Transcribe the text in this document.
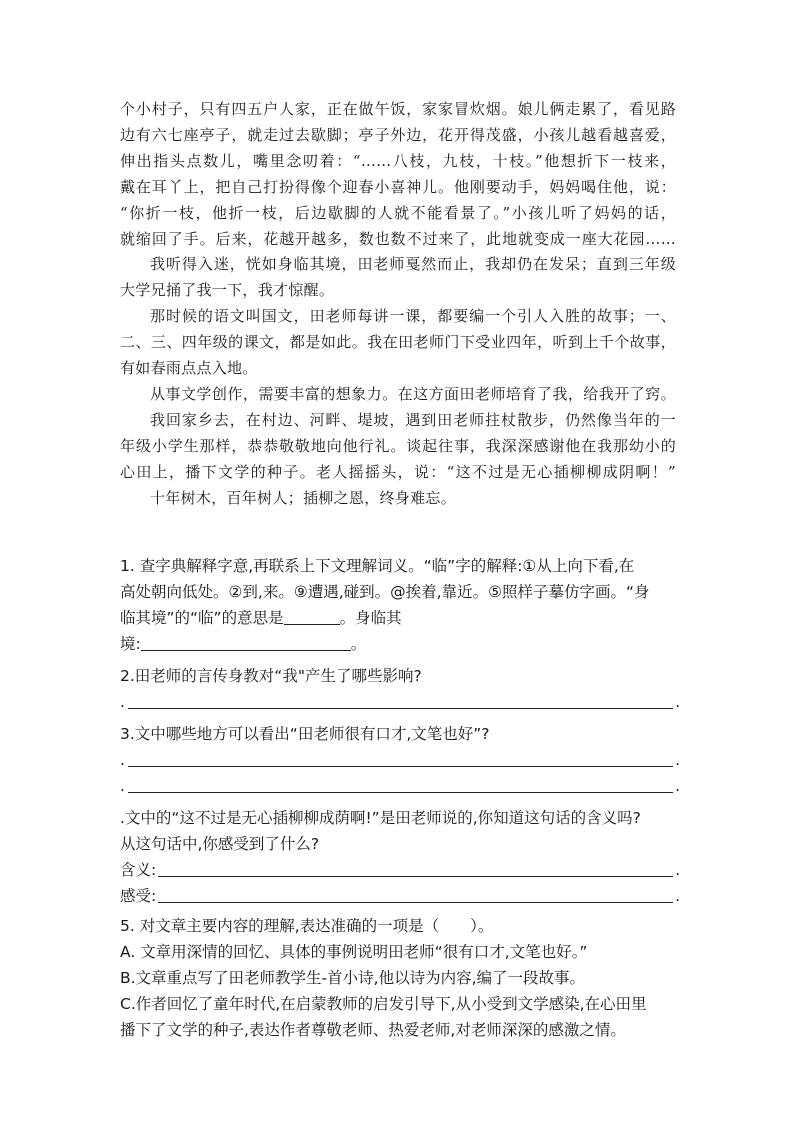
个小村子，只有四五户人家，正在做午饭，家家冒炊烟。娘儿俩走累了，看见路

边有六七座亭子，就走过去歇脚；亭子外边，花开得茂盛，小孩儿越看越喜爱，

伸出指头点数儿，嘴里念叨着：“……八枝，九枝，十枝。”他想折下一枝来，

戴在耳丫上，把自己打扮得像个迎春小喜神儿。他刚要动手，妈妈喝住他，说：

“你折一枝，他折一枝，后边歇脚的人就不能看景了。”小孩儿听了妈妈的话，

就缩回了手。后来，花越开越多，数也数不过来了，此地就变成一座大花园……

我听得入迷，恍如身临其境，田老师戛然而止，我却仍在发呆；直到三年级

大学兄捅了我一下，我才惊醒。

那时候的语文叫国文，田老师每讲一课，都要编一个引人入胜的故事；一、

二、三、四年级的课文，都是如此。我在田老师门下受业四年，听到上千个故事，

有如春雨点点入地。

从事文学创作，需要丰富的想象力。在这方面田老师培育了我，给我开了窍。

我回家乡去，在村边、河畔、堤坡，遇到田老师拄杖散步，仍然像当年的一

年级小学生那样，恭恭敬敬地向他行礼。谈起往事，我深深感谢他在我那幼小的

心田上，播下文学的种子。老人摇摇头，说：“这不过是无心插柳柳成阴啊！”

十年树木，百年树人；插柳之恩，终身难忘。

1. 查字典解释字意,再联系上下文理解词义。“临”字的解释:①从上向下看,在

高处朝向低处。②到,来。⑨遭遇,碰到。@挨着,靠近。⑤照样子摹仿字画。“身

临其境”的“临”的意思是	。身临其
境:	。

2.田老师的言传身教对“我"产生了哪些影响?

.	.

3.文中哪些地方可以看出“田老师很有口才,文笔也好”?

.	.
.	.

.文中的“这不过是无心插柳柳成荫啊!”是田老师说的,你知道这句话的含义吗?

从这句话中,你感受到了什么?

含义:	.
感受:	.

5. 对文章主要内容的理解,表达准确的一项是（　　）。

A. 文章用深情的回忆、具体的事例说明田老师“很有口才,文笔也好。”

B.文章重点写了田老师教学生-首小诗,他以诗为内容,编了一段故事。

C.作者回忆了童年时代,在启蒙教师的启发引导下,从小受到文学感染,在心田里

播下了文学的种子,表达作者尊敬老师、热爱老师,对老师深深的感激之情。
